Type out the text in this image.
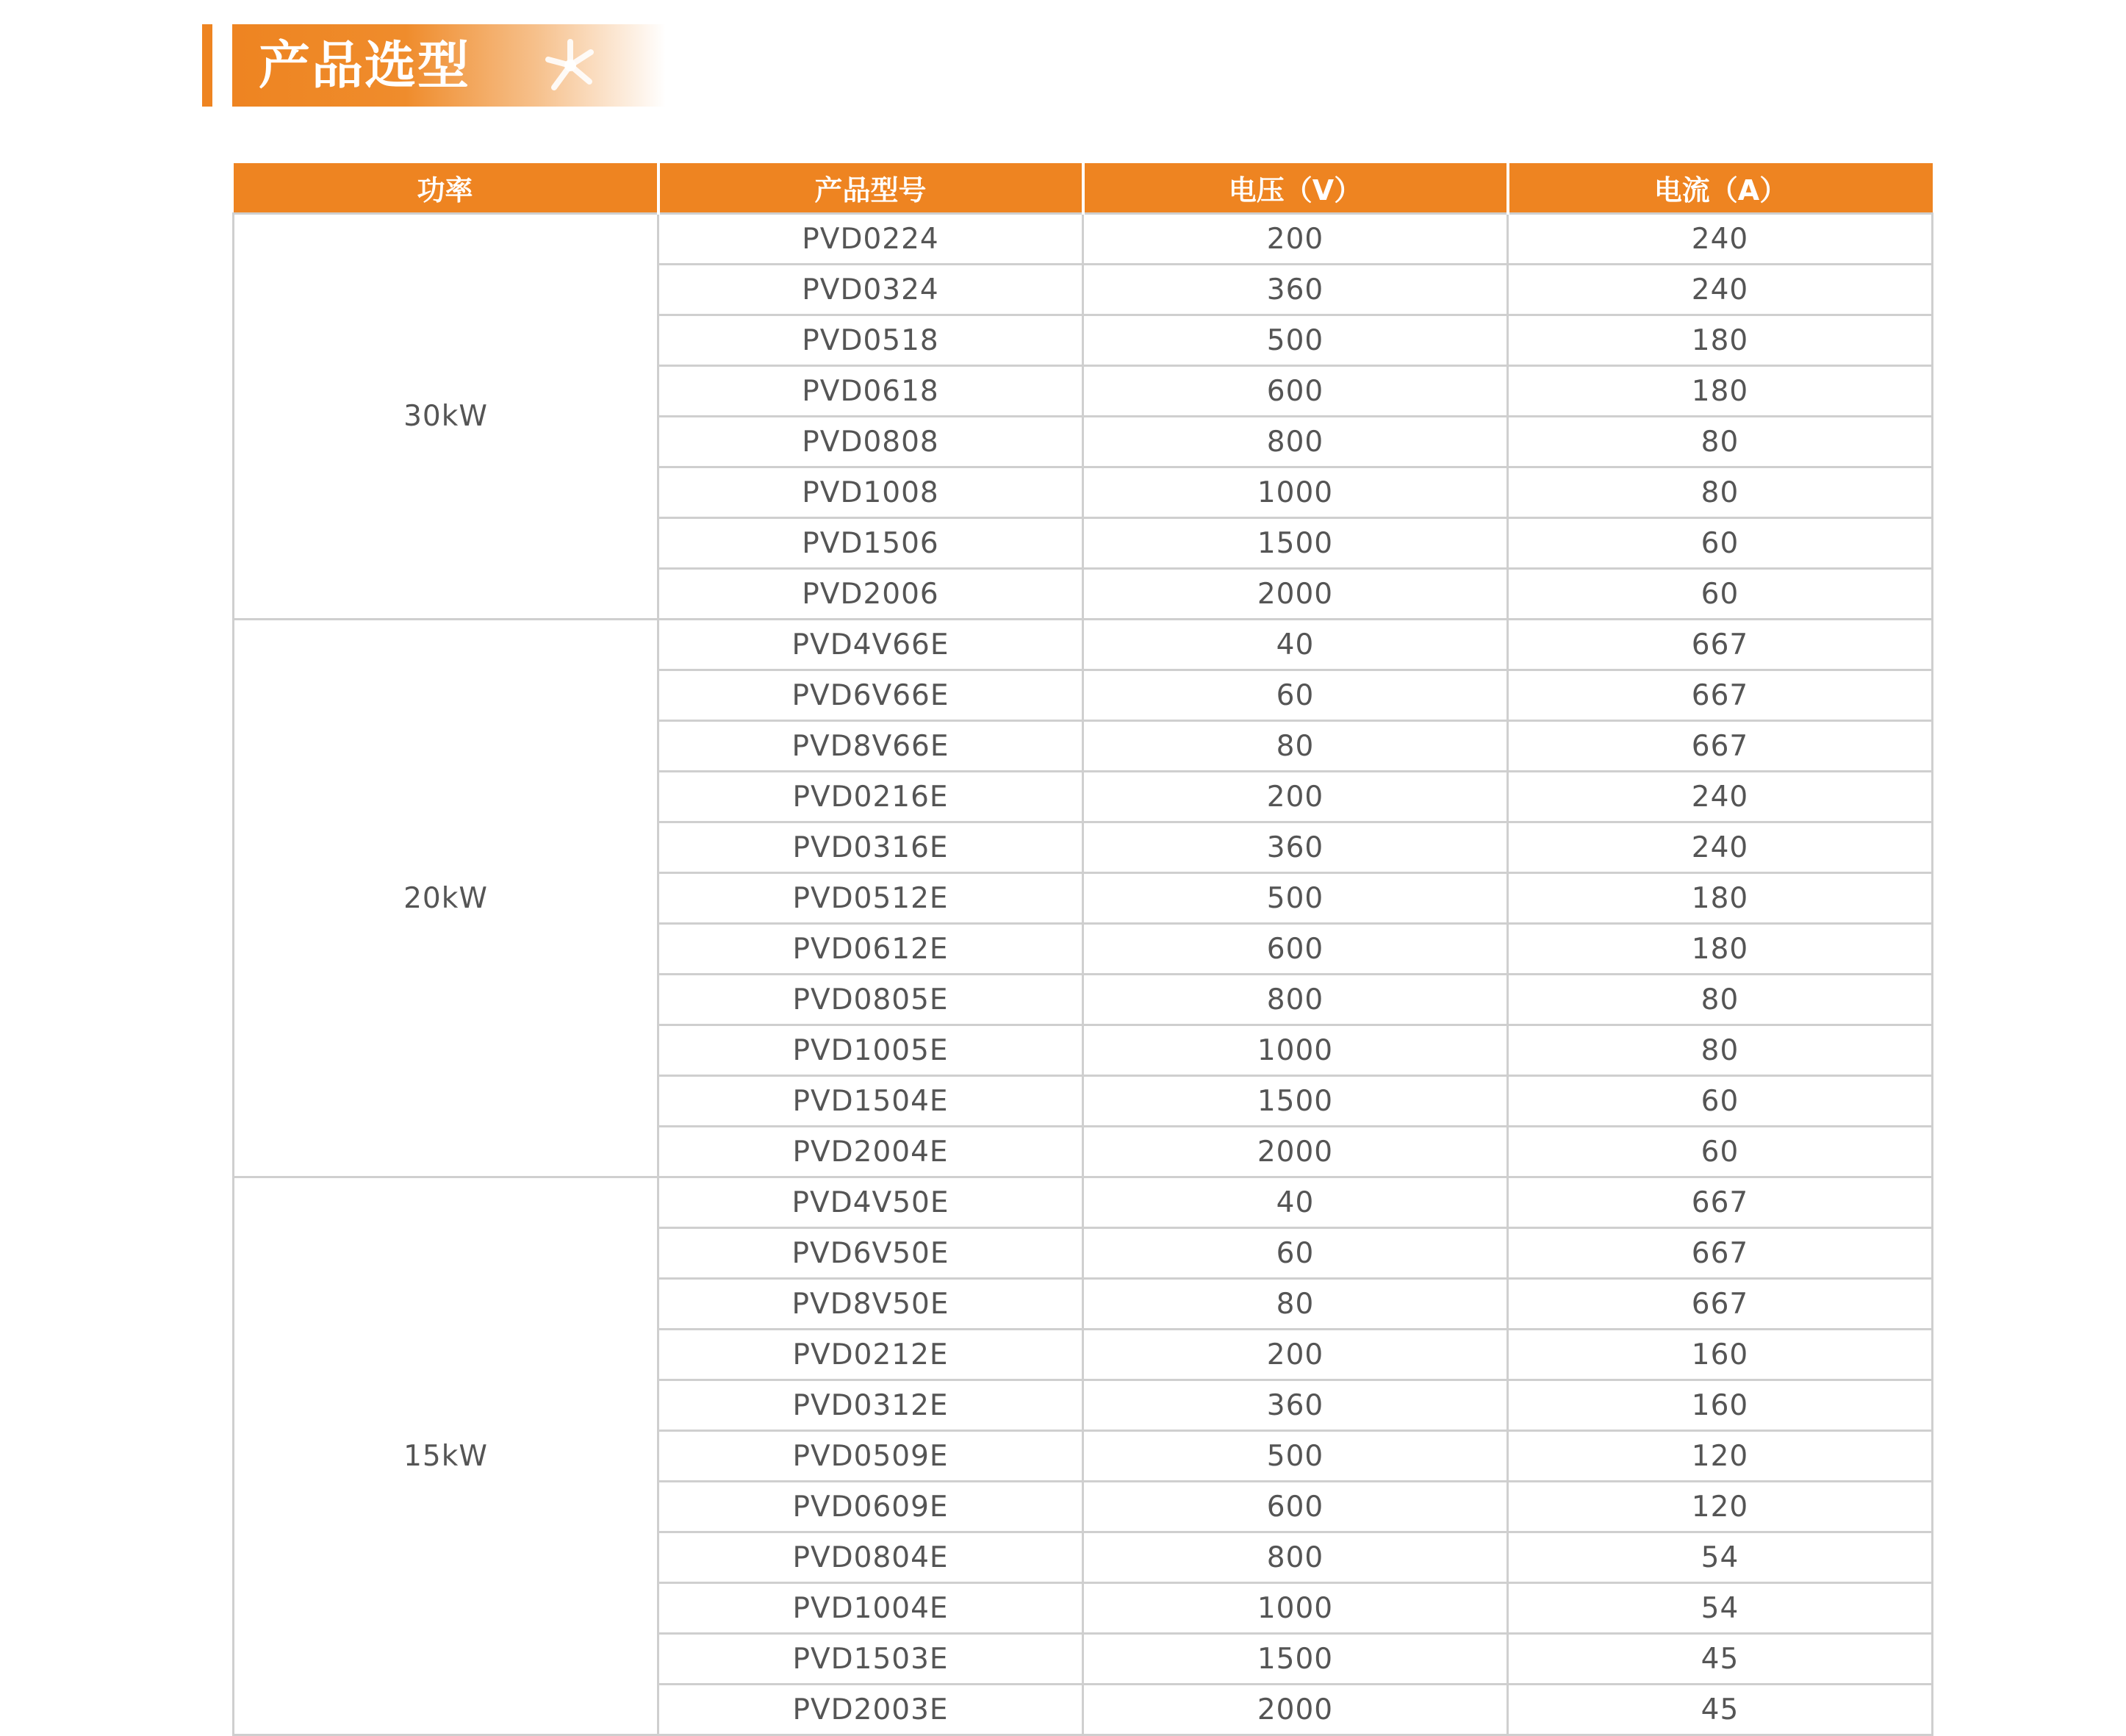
产品选型
功率	产品型号	电压（V）	电流（A）
30kW	PVD0224	200	240
	PVD0324	360	240
	PVD0518	500	180
	PVD0618	600	180
	PVD0808	800	80
	PVD1008	1000	80
	PVD1506	1500	60
	PVD2006	2000	60
20kW	PVD4V66E	40	667
	PVD6V66E	60	667
	PVD8V66E	80	667
	PVD0216E	200	240
	PVD0316E	360	240
	PVD0512E	500	180
	PVD0612E	600	180
	PVD0805E	800	80
	PVD1005E	1000	80
	PVD1504E	1500	60
	PVD2004E	2000	60
15kW	PVD4V50E	40	667
	PVD6V50E	60	667
	PVD8V50E	80	667
	PVD0212E	200	160
	PVD0312E	360	160
	PVD0509E	500	120
	PVD0609E	600	120
	PVD0804E	800	54
	PVD1004E	1000	54
	PVD1503E	1500	45
	PVD2003E	2000	45
